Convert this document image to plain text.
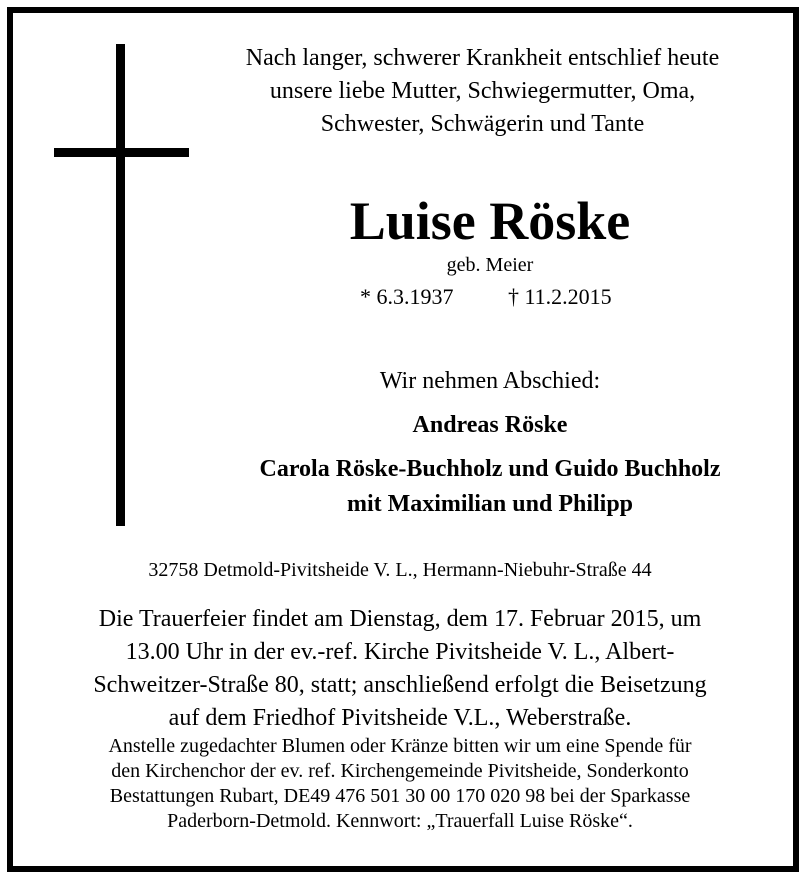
Nach langer, schwerer Krankheit entschlief heute
unsere liebe Mutter, Schwiegermutter, Oma,
Schwester, Schwägerin und Tante
Luise Röske
geb. Meier
* 6.3.1937 † 11.2.2015
Wir nehmen Abschied:
Andreas Röske
Carola Röske-Buchholz und Guido Buchholz
mit Maximilian und Philipp
32758 Detmold-Pivitsheide V. L., Hermann-Niebuhr-Straße 44
Die Trauerfeier findet am Dienstag, dem 17. Februar 2015, um
13.00 Uhr in der ev.-ref. Kirche Pivitsheide V. L., Albert-
Schweitzer-Straße 80, statt; anschließend erfolgt die Beisetzung
auf dem Friedhof Pivitsheide V.L., Weberstraße.
Anstelle zugedachter Blumen oder Kränze bitten wir um eine Spende für
den Kirchenchor der ev. ref. Kirchengemeinde Pivitsheide, Sonderkonto
Bestattungen Rubart, DE49 476 501 30 00 170 020 98 bei der Sparkasse
Paderborn-Detmold. Kennwort: „Trauerfall Luise Röske“.
